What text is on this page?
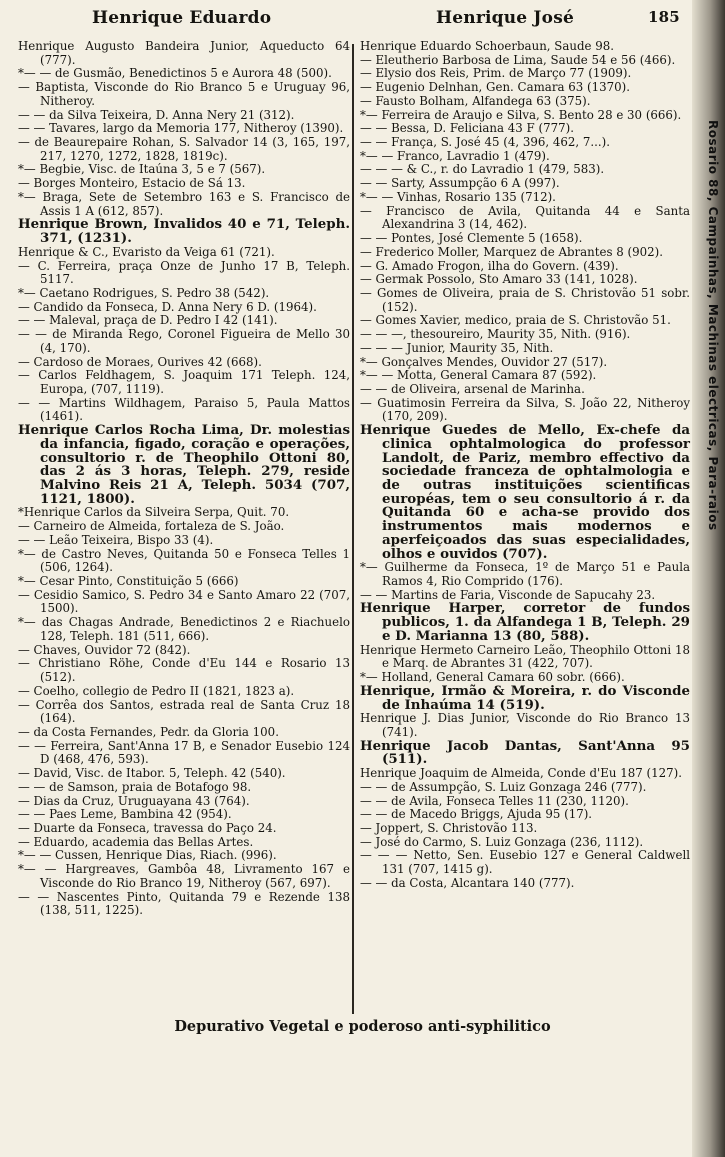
Henrique Eduardo	Henrique José	185
Henrique Augusto Bandeira Junior, Aqueducto 64 (777).
*— — de Gusmão, Benedictinos 5 e Aurora 48 (500).
— Baptista, Visconde do Rio Branco 5 e Uruguay 96, Nitheroy.
— — da Silva Teixeira, D. Anna Nery 21 (312).
— — Tavares, largo da Memoria 177, Nitheroy (1390).
— de Beaurepaire Rohan, S. Salvador 14 (3, 165, 197, 217, 1270, 1272, 1828, 1819c).
*— Begbie, Visc. de Itaúna 3, 5 e 7 (567).
— Borges Monteiro, Estacio de Sá 13.
*— Braga, Sete de Setembro 163 e S. Francisco de Assis 1 A (612, 857).
Henrique Brown, Invalidos 40 e 71, Teleph. 371, (1231).
Henrique & C., Evaristo da Veiga 61 (721).
— C. Ferreira, praça Onze de Junho 17 B, Teleph. 5117.
*— Caetano Rodrigues, S. Pedro 38 (542).
— Candido da Fonseca, D. Anna Nery 6 D. (1964).
— — Maleval, praça de D. Pedro I 42 (141).
— — de Miranda Rego, Coronel Figueira de Mello 30 (4, 170).
— Cardoso de Moraes, Ourives 42 (668).
— Carlos Feldhagem, S. Joaquim 171 Teleph. 124, Europa, (707, 1119).
— — Martins Wildhagem, Paraiso 5, Paula Mattos (1461).
Henrique Carlos Rocha Lima, Dr. molestias da infancia, figado, coração e operações, consultorio r. de Theophilo Ottoni 80, das 2 ás 3 horas, Teleph. 279, reside Malvino Reis 21 A, Teleph. 5034 (707, 1121, 1800).
*Henrique Carlos da Silveira Serpa, Quit. 70.
— Carneiro de Almeida, fortaleza de S. João.
— — Leão Teixeira, Bispo 33 (4).
*— de Castro Neves, Quitanda 50 e Fonseca Telles 1 (506, 1264).
*— Cesar Pinto, Constituição 5 (666)
— Cesidio Samico, S. Pedro 34 e Santo Amaro 22 (707, 1500).
*— das Chagas Andrade, Benedictinos 2 e Riachuelo 128, Teleph. 181 (511, 666).
— Chaves, Ouvidor 72 (842).
— Christiano Röhe, Conde d'Eu 144 e Rosario 13 (512).
— Coelho, collegio de Pedro II (1821, 1823 a).
— Corrêa dos Santos, estrada real de Santa Cruz 18 (164).
— da Costa Fernandes, Pedr. da Gloria 100.
— — Ferreira, Sant'Anna 17 B, e Senador Eusebio 124 D (468, 476, 593).
— David, Visc. de Itabor. 5, Teleph. 42 (540).
— — de Samson, praia de Botafogo 98.
— Dias da Cruz, Uruguayana 43 (764).
— — Paes Leme, Bambina 42 (954).
— Duarte da Fonseca, travessa do Paço 24.
— Eduardo, academia das Bellas Artes.
*— — Cussen, Henrique Dias, Riach. (996).
*— — Hargreaves, Gambôa 48, Livramento 167 e Visconde do Rio Branco 19, Nitheroy (567, 697).
— — Nascentes Pinto, Quitanda 79 e Rezende 138 (138, 511, 1225).
Henrique Eduardo Schoerbaun, Saude 98.
— Eleutherio Barbosa de Lima, Saude 54 e 56 (466).
— Elysio dos Reis, Prim. de Março 77 (1909).
— Eugenio Delnhan, Gen. Camara 63 (1370).
— Fausto Bolham, Alfandega 63 (375).
*— Ferreira de Araujo e Silva, S. Bento 28 e 30 (666).
— — Bessa, D. Feliciana 43 F (777).
— — França, S. José 45 (4, 396, 462, 7...).
*— — Franco, Lavradio 1 (479).
— — — & C., r. do Lavradio 1 (479, 583).
— — Sarty, Assumpção 6 A (997).
*— — Vinhas, Rosario 135 (712).
— Francisco de Avila, Quitanda 44 e Santa Alexandrina 3 (14, 462).
— — Pontes, José Clemente 5 (1658).
— Frederico Moller, Marquez de Abrantes 8 (902).
— G. Amado Frogon, ilha do Govern. (439).
— Germak Possolo, Sto Amaro 33 (141, 1028).
— Gomes de Oliveira, praia de S. Christovão 51 sobr. (152).
— Gomes Xavier, medico, praia de S. Christovão 51.
— — —, thesoureiro, Maurity 35, Nith. (916).
— — — Junior, Maurity 35, Nith.
*— Gonçalves Mendes, Ouvidor 27 (517).
*— — Motta, General Camara 87 (592).
— — de Oliveira, arsenal de Marinha.
— Guatimosin Ferreira da Silva, S. João 22, Nitheroy (170, 209).
Henrique Guedes de Mello, Ex-chefe da clinica ophtalmologica do professor Landolt, de Pariz, membro effectivo da sociedade franceza de ophtalmologia e de outras instituições scientificas européas, tem o seu consultorio á r. da Quitanda 60 e acha-se provido dos instrumentos mais modernos e aperfeiçoados das suas especialidades, olhos e ouvidos (707).
*— Guilherme da Fonseca, 1º de Março 51 e Paula Ramos 4, Rio Comprido (176).
— — Martins de Faria, Visconde de Sapucahy 23.
Henrique Harper, corretor de fundos publicos, 1. da Alfandega 1 B, Teleph. 29 e D. Marianna 13 (80, 588).
Henrique Hermeto Carneiro Leão, Theophilo Ottoni 18 e Marq. de Abrantes 31 (422, 707).
*— Holland, General Camara 60 sobr. (666).
Henrique, Irmão & Moreira, r. do Visconde de Inhaúma 14 (519).
Henrique J. Dias Junior, Visconde do Rio Branco 13 (741).
Henrique Jacob Dantas, Sant'Anna 95 (511).
Henrique Joaquim de Almeida, Conde d'Eu 187 (127).
— — de Assumpção, S. Luiz Gonzaga 246 (777).
— — de Avila, Fonseca Telles 11 (230, 1120).
— — de Macedo Briggs, Ajuda 95 (17).
— Joppert, S. Christovão 113.
— José do Carmo, S. Luiz Gonzaga (236, 1112).
— — — Netto, Sen. Eusebio 127 e General Caldwell 131 (707, 1415 g).
— — da Costa, Alcantara 140 (777).
Depurativo Vegetal e poderoso anti-syphilitico
Rosario 88, Campainhas, Machinas electricas, Para-raios
